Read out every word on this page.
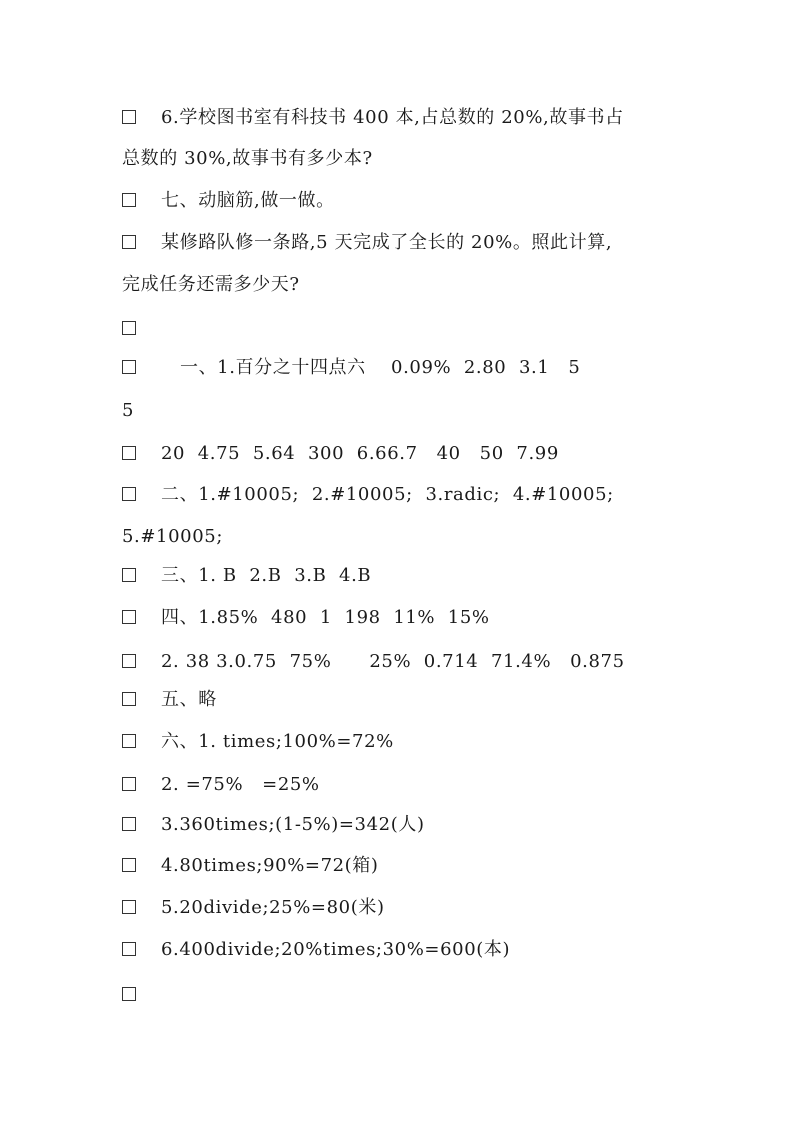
6.学校图书室有科技书 400 本,占总数的 20%,故事书占
总数的 30%,故事书有多少本?
七、动脑筋,做一做。
某修路队修一条路,5 天完成了全长的 20%。照此计算,
完成任务还需多少天?
一、1.百分之十四点六    0.09%  2.80  3.1   5
5
20  4.75  5.64  300  6.66.7   40   50  7.99
二、1.#10005;  2.#10005;  3.radic;  4.#10005;
5.#10005;
三、1. B  2.B  3.B  4.B
四、1.85%  480  1  198  11%  15%
2. 38 3.0.75  75%      25%  0.714  71.4%   0.875
五、略
六、1. times;100%=72%
2. =75%   =25%
3.360times;(1-5%)=342(人)
4.80times;90%=72(箱)
5.20divide;25%=80(米)
6.400divide;20%times;30%=600(本)
